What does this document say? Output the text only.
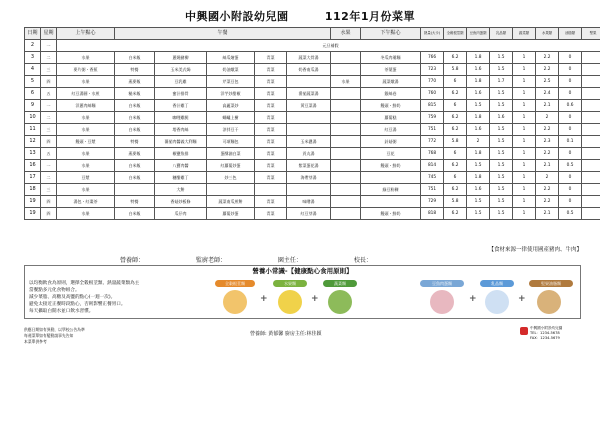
中興國小附設幼兒園	112年1月份菜單
日期	星期	上午點心	午餐					水果	下午點心	熱量(大卡)	全穀根莖類	豆魚肉蛋類	乳品類	蔬菜類	水果類	油脂類	堅果
2	一	元旦補假															
3	二	水果	白米飯	蔥燒豬柳	絲瓜燴蛋	青菜	蔬菜大骨湯		冬瓜肉羹麵	766	6.2	1.8	1.5	1	2.2	0	
4	三	麥片粥・香蕉	特餐	玉米美式焗	奶油燉菜	青菜	奶香南瓜湯		茶葉蛋	723	5.8	1.6	1.5	1	2.2	0	
5	四	水果	燕麥飯	豆乳雞	芹菜豆包	青菜		水果	蔬菜燉湯	770	6	1.8	1.7	1	2.5	0	
6	五	紅豆湯圓・水煎	糙米飯	蜜汁排骨	洋芋炒甜椒	青菜	番茄蔬菜湯		銀絲卷	760	6.2	1.6	1.5	1	2.4	0	
9	一	洋蔥肉絲麵	白米飯	香汁雞丁	高麗菜炒	青菜	黃豆菜湯		饅頭・鮮奶	815	6	1.5	1.5	1	2.1	0.6	
10	二	水果	白米飯	咖哩雞腿	螞蟻上樹	青菜			蘿蔔糕	759	6.2	1.8	1.6	1	2	0	
11	三	水果	白米飯	塔香肉絲	涼拌豆干	青菜			紅豆湯	751	6.2	1.6	1.5	1	2.2	0	
12	四	饅頭・豆漿	特餐	蕃茄肉醬義大利麵	可頌麵包	青菜	玉米濃湯		針菇粥	772	5.8	2	1.5	1	2.3	0.1	
13	五	水果	燕麥飯	椒鹽魚排	蛋酥滷白菜	青菜	貢丸湯		豆花	768	6	1.8	1.5	1	2.2	0	
16	一	水果	白米飯	八寶肉醬	紅蘿蔔炒蛋	青菜	紫菜蛋花湯		饅頭・鮮奶	814	6.2	1.5	1.5	1	2.1	0.5	
17	二	豆漿	白米飯	糖醋雞丁	炒三色	青菜	海帶芽湯			745	6	1.8	1.5	1	2	0	
18	三	水果		大餅					綠豆粉粿	751	6.2	1.6	1.5	1	2.2	0	
19	四	湯包・紅棗茶	特餐	香菇炒板條	蔬菜南瓜煎餅	青菜	味噌湯			729	5.8	1.5	1.5	1	2.2	0	
19	四	水果	白米飯	瓜仔肉	蘿蔔炒蛋	青菜	紅豆芽湯		饅頭・鮮奶	818	6.2	1.5	1.5	1	2.1	0.5	
【食材來源一律使用國產豬肉、牛肉】
營養師：	監廚老師：	園主任：	校長：
營養小常識-【健康點心食用原則】
以均衡飲食為原則，選擇全穀根莖類、熱量蔬菜類為主
當餐點多元化食物組合。
減少菜脂、高糖及高鹽的點心(一週一次)。
避免太接近正餐時段點心，否則影響正餐胃口。
每天攝取白開水並口飲水習慣。
全穀根莖類
+
水果類
+
蔬菜類	豆魚肉蛋類
+
乳品類
+
堅果油脂類
供應日期如有異動，以學校公告為準
每週菜單如有變動請事先告知
本菜單供參考
營養師: 黃郁馨 廚房主任:林佳穎
中興國小附設幼兒園
TEL：1234-5678
FAX：1234-5679
